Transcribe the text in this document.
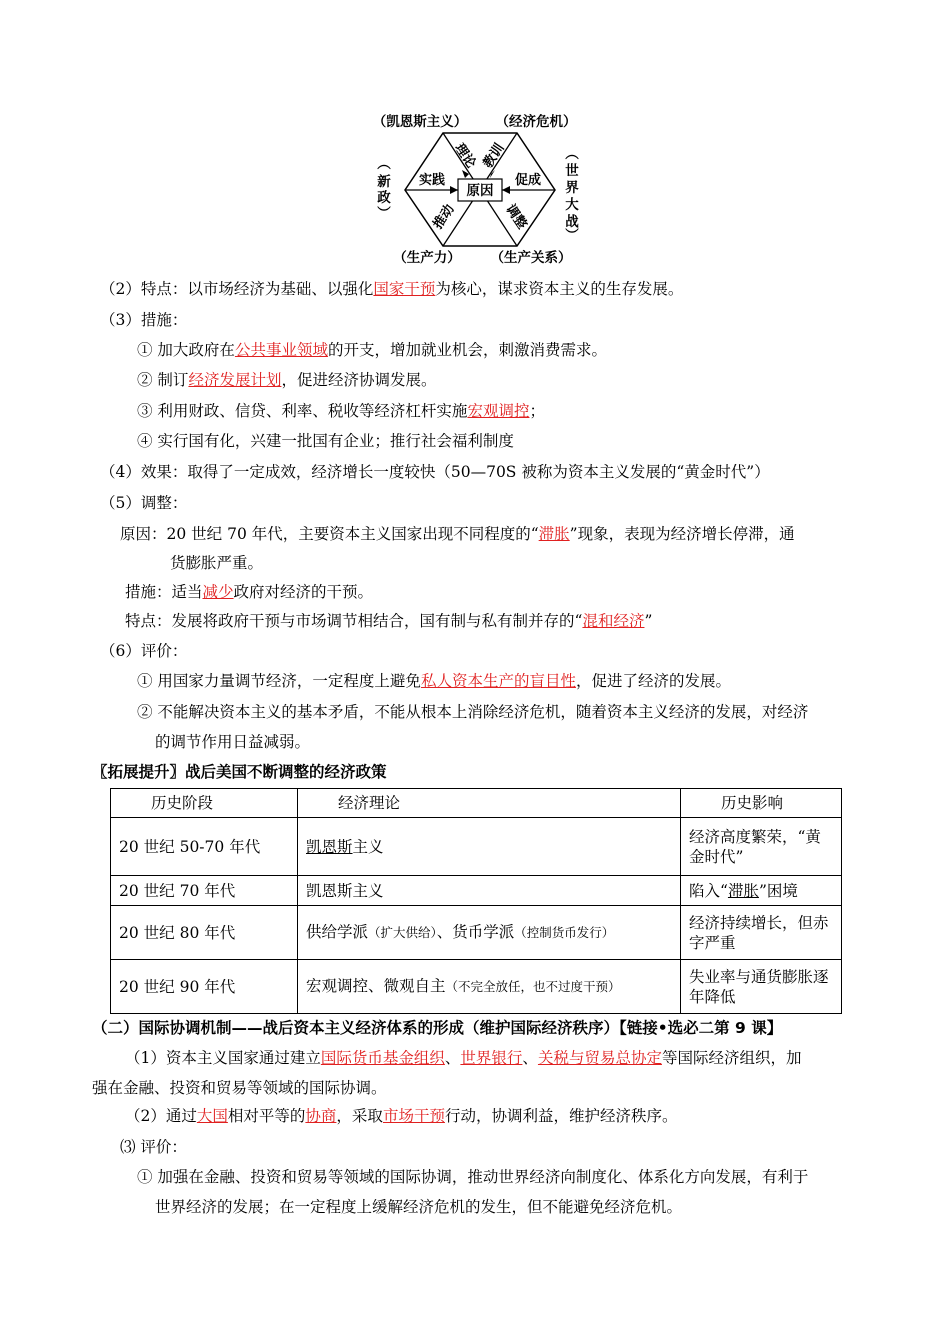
原因
（凯恩斯主义） （经济危机）
（生产力） （生产关系）
︵
新
政
︶
︵
世
界
大
战
︶
实践	促成
理论 教训
推动	调整
（2）特点：以市场经济为基础、以强化国家干预为核心，谋求资本主义的生存发展。
（3）措施：
① 加大政府在公共事业领域的开支，增加就业机会，刺激消费需求。
② 制订经济发展计划，促进经济协调发展。
③ 利用财政、信贷、利率、税收等经济杠杆实施宏观调控；
④ 实行国有化，兴建一批国有企业；推行社会福利制度
（4）效果：取得了一定成效，经济增长一度较快（50—70S 被称为资本主义发展的“黄金时代”）
（5）调整：
原因：20 世纪 70 年代，主要资本主义国家出现不同程度的“滞胀”现象，表现为经济增长停滞，通
货膨胀严重。
措施：适当减少政府对经济的干预。
特点：发展将政府干预与市场调节相结合，国有制与私有制并存的“混和经济”
（6）评价：
① 用国家力量调节经济，一定程度上避免私人资本生产的盲目性，促进了经济的发展。
② 不能解决资本主义的基本矛盾，不能从根本上消除经济危机，随着资本主义经济的发展，对经济
的调节作用日益减弱。
〖拓展提升〗战后美国不断调整的经济政策
历史阶段	经济理论	历史影响
20 世纪 50-70 年代	凯恩斯主义	经济高度繁荣，“黄金时代”
20 世纪 70 年代	凯恩斯主义	陷入“滞胀”困境
20 世纪 80 年代	供给学派（扩大供给）、货币学派（控制货币发行）	经济持续增长，但赤字严重
20 世纪 90 年代	宏观调控、微观自主（不完全放任，也不过度干预）	失业率与通货膨胀逐年降低
（二）国际协调机制——战后资本主义经济体系的形成（维护国际经济秩序）【链接•选必二第 9 课】
（1）资本主义国家通过建立国际货币基金组织、世界银行、关税与贸易总协定等国际经济组织，加
强在金融、投资和贸易等领域的国际协调。
（2）通过大国相对平等的协商，采取市场干预行动，协调利益，维护经济秩序。
⑶ 评价：
① 加强在金融、投资和贸易等领域的国际协调，推动世界经济向制度化、体系化方向发展，有利于
世界经济的发展；在一定程度上缓解经济危机的发生，但不能避免经济危机。
